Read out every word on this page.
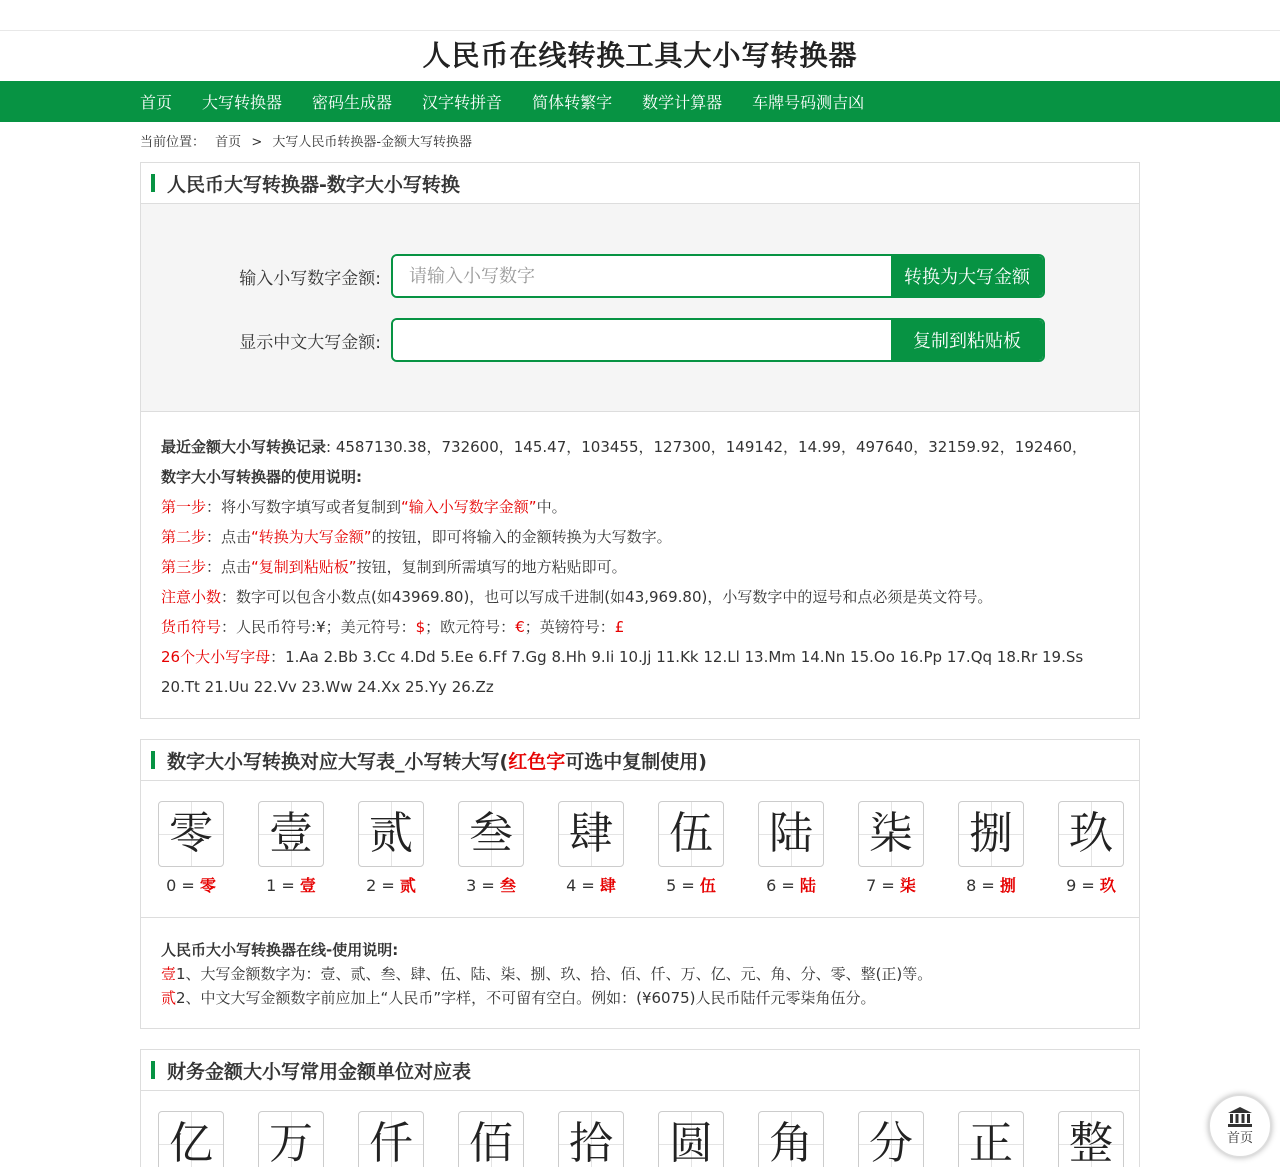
人民币在线转换工具大小写转换器
首页 大写转换器 密码生成器 汉字转拼音 简体转繁字 数学计算器 车牌号码测吉凶
当前位置： 首页 > 大写人民币转换器-金额大写转换器
人民币大写转换器-数字大小写转换
输入小写数字金额:
请输入小写数字	转换为大写金额
显示中文大写金额:	复制到粘贴板

最近金额大小写转换记录: 4587130.38，732600，145.47，103455，127300，149142，14.99，497640，32159.92，192460，

数字大小写转换器的使用说明:

第一步：将小写数字填写或者复制到“输入小写数字金额”中。

第二步：点击“转换为大写金额”的按钮，即可将输入的金额转换为大写数字。

第三步：点击“复制到粘贴板”按钮，复制到所需填写的地方粘贴即可。

注意小数：数字可以包含小数点(如43969.80)，也可以写成千进制(如43,969.80)，小写数字中的逗号和点必须是英文符号。

货币符号：人民币符号:¥；美元符号：$；欧元符号：€；英镑符号：£

26个大小写字母：1.Aa 2.Bb 3.Cc 4.Dd 5.Ee 6.Ff 7.Gg 8.Hh 9.Ii 10.Jj 11.Kk 12.Ll 13.Mm 14.Nn 15.Oo 16.Pp 17.Qq 18.Rr 19.Ss

20.Tt 21.Uu 22.Vv 23.Ww 24.Xx 25.Yy 26.Zz

数字大小写转换对应大写表_小写转大写(红色字可选中复制使用)
零
0 = 零
壹
1 = 壹
贰
2 = 贰
叁
3 = 叁
肆
4 = 肆
伍
5 = 伍
陆
6 = 陆
柒
7 = 柒
捌
8 = 捌
玖
9 = 玖

人民币大小写转换器在线-使用说明:

壹1、大写金额数字为：壹、贰、叁、肆、伍、陆、柒、捌、玖、拾、佰、仟、万、亿、元、角、分、零、整(正)等。

贰2、中文大写金额数字前应加上“人民币”字样，不可留有空白。例如：(¥6075)人民币陆仟元零柒角伍分。

财务金额大小写常用金额单位对应表
亿 万 仟 佰 拾 圆 角 分 正 整	首页
